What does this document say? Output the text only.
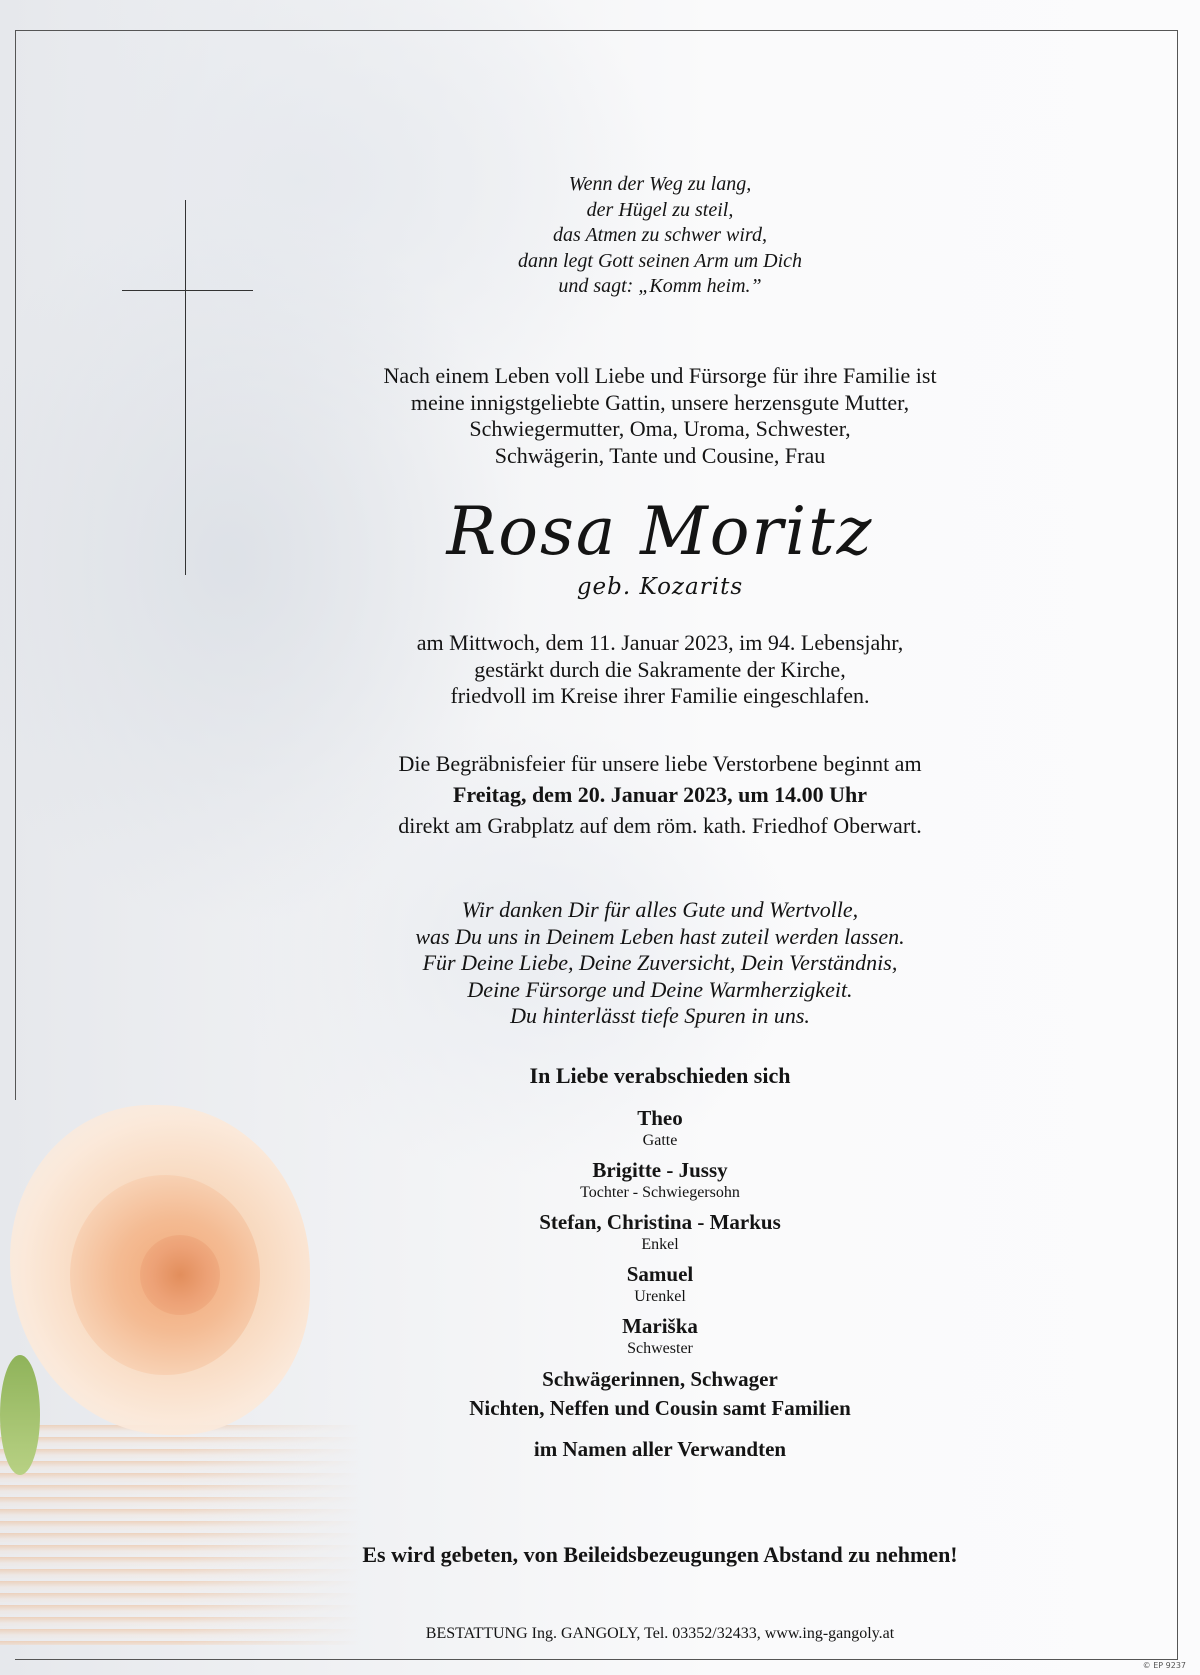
Wenn der Weg zu lang,
der Hügel zu steil,
das Atmen zu schwer wird,
dann legt Gott seinen Arm um Dich
und sagt: „Komm heim.”
Nach einem Leben voll Liebe und Fürsorge für ihre Familie ist
meine innigstgeliebte Gattin, unsere herzensgute Mutter,
Schwiegermutter, Oma, Uroma, Schwester,
Schwägerin, Tante und Cousine, Frau
Rosa Moritz
geb. Kozarits
am Mittwoch, dem 11. Januar 2023, im 94. Lebensjahr,
gestärkt durch die Sakramente der Kirche,
friedvoll im Kreise ihrer Familie eingeschlafen.
Die Begräbnisfeier für unsere liebe Verstorbene beginnt am
Freitag, dem 20. Januar 2023, um 14.00 Uhr
direkt am Grabplatz auf dem röm. kath. Friedhof Oberwart.
Wir danken Dir für alles Gute und Wertvolle,
was Du uns in Deinem Leben hast zuteil werden lassen.
Für Deine Liebe, Deine Zuversicht, Dein Verständnis,
Deine Fürsorge und Deine Warmherzigkeit.
Du hinterlässt tiefe Spuren in uns.
In Liebe verabschieden sich
Theo
Gatte
Brigitte - Jussy
Tochter - Schwiegersohn
Stefan, Christina - Markus
Enkel
Samuel
Urenkel
Mariška
Schwester
Schwägerinnen, Schwager
Nichten, Neffen und Cousin samt Familien
im Namen aller Verwandten
Es wird gebeten, von Beileidsbezeugungen Abstand zu nehmen!
BESTATTUNG Ing. GANGOLY, Tel. 03352/32433, www.ing-gangoly.at
© EP 9237
